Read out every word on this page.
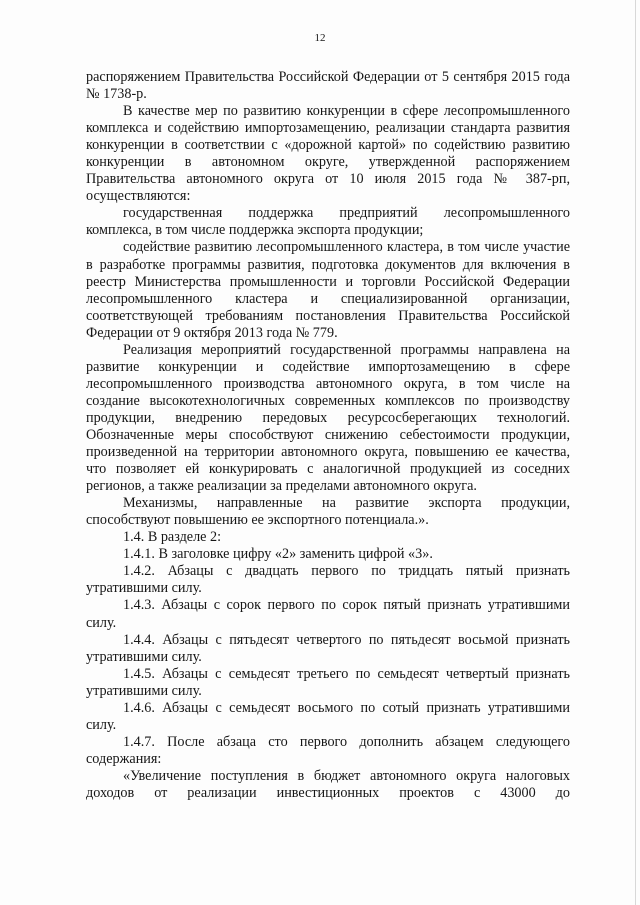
12

распоряжением Правительства Российской Федерации от 5 сентября 2015 года № 1738-р.

В качестве мер по развитию конкуренции в сфере лесопромышленного комплекса и содействию импортозамещению, реализации стандарта развития конкуренции в соответствии с «дорожной картой» по содействию развитию конкуренции в автономном округе, утвержденной распоряжением Правительства автономного округа от 10 июля 2015 года № 387-рп, осуществляются:

государственная поддержка предприятий лесопромышленного комплекса, в том числе поддержка экспорта продукции;

содействие развитию лесопромышленного кластера, в том числе участие в разработке программы развития, подготовка документов для включения в реестр Министерства промышленности и торговли Российской Федерации лесопромышленного кластера и специализированной организации, соответствующей требованиям постановления Правительства Российской Федерации от 9 октября 2013 года № 779.

Реализация мероприятий государственной программы направлена на развитие конкуренции и содействие импортозамещению в сфере лесопромышленного производства автономного округа, в том числе на создание высокотехнологичных современных комплексов по производству продукции, внедрению передовых ресурсосберегающих технологий. Обозначенные меры способствуют снижению себестоимости продукции, произведенной на территории автономного округа, повышению ее качества, что позволяет ей конкурировать с аналогичной продукцией из соседних регионов, а также реализации за пределами автономного округа.

Механизмы, направленные на развитие экспорта продукции, способствуют повышению ее экспортного потенциала.».

1.4. В разделе 2:

1.4.1. В заголовке цифру «2» заменить цифрой «3».

1.4.2. Абзацы с двадцать первого по тридцать пятый признать утратившими силу.

1.4.3. Абзацы с сорок первого по сорок пятый признать утратившими силу.

1.4.4. Абзацы с пятьдесят четвертого по пятьдесят восьмой признать утратившими силу.

1.4.5. Абзацы с семьдесят третьего по семьдесят четвертый признать утратившими силу.

1.4.6. Абзацы с семьдесят восьмого по сотый признать утратившими силу.

1.4.7. После абзаца сто первого дополнить абзацем следующего содержания:

«Увеличение поступления в бюджет автономного округа налоговых доходов от реализации инвестиционных проектов с 43000 до
